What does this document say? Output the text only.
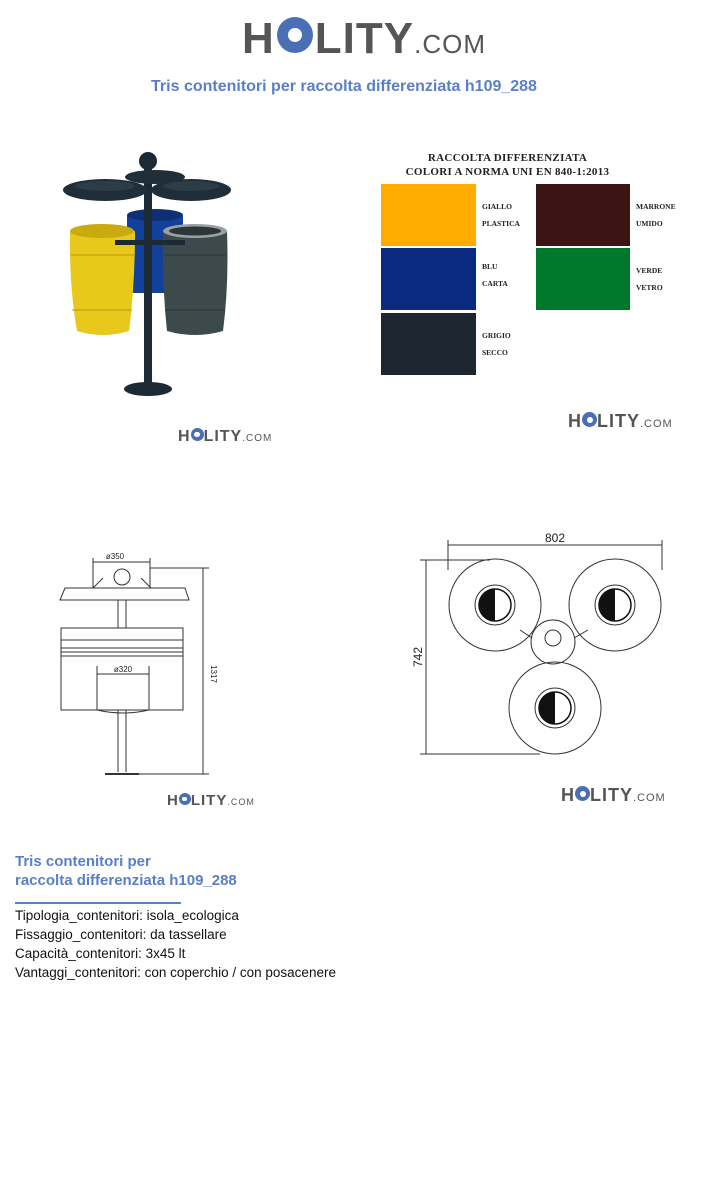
H LITY .COM
Tris contenitori per raccolta differenziata h109_288
H LITY .COM
RACCOLTA DIFFERENZIATA
COLORI A NORMA UNI EN 840-1:2013
GIALLO
PLASTICA
MARRONE
UMIDO
BLU
CARTA
VERDE
VETRO
GRIGIO
SECCO
H LITY .COM
ø350
ø320	1317
H LITY .COM
802
742
H LITY .COM
Tris contenitori per
raccolta differenziata h109_288
Tipologia_contenitori: isola_ecologica
Fissaggio_contenitori: da tassellare
Capacità_contenitori: 3x45 lt
Vantaggi_contenitori: con coperchio / con posacenere
